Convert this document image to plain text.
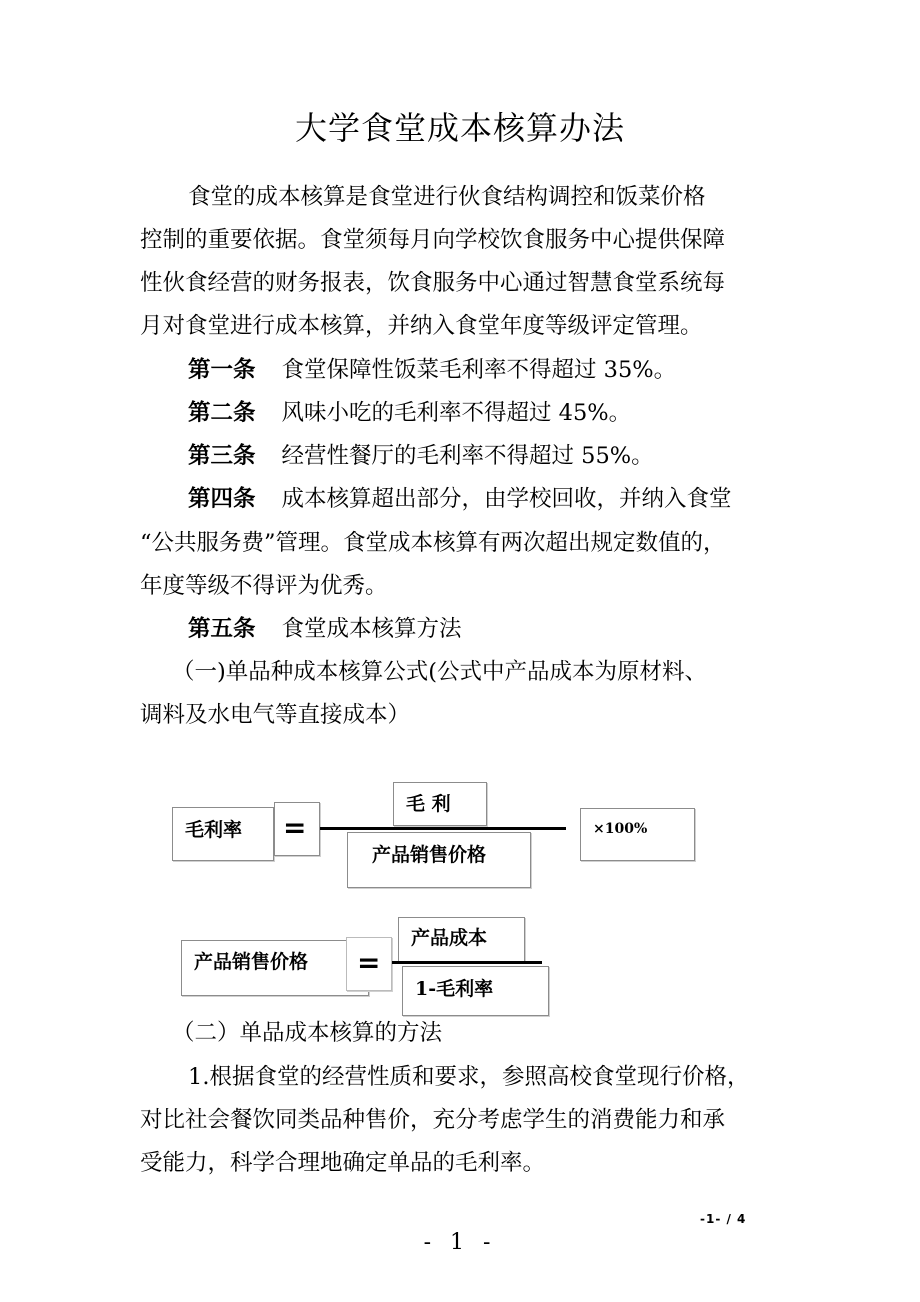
大学食堂成本核算办法
食堂的成本核算是食堂进行伙食结构调控和饭菜价格
控制的重要依据。食堂须每月向学校饮食服务中心提供保障
性伙食经营的财务报表，饮食服务中心通过智慧食堂系统每
月对食堂进行成本核算，并纳入食堂年度等级评定管理。
第一条 食堂保障性饭菜毛利率不得超过 35%。
第二条 风味小吃的毛利率不得超过 45%。
第三条 经营性餐厅的毛利率不得超过 55%。
第四条 成本核算超出部分，由学校回收，并纳入食堂
“公共服务费”管理。食堂成本核算有两次超出规定数值的，
年度等级不得评为优秀。
第五条 食堂成本核算方法
（一)单品种成本核算公式(公式中产品成本为原材料、
调料及水电气等直接成本）
毛利率 =
毛 利
产品销售价格
×100%
产品销售价格 =
产品成本
1-毛利率
（二）单品成本核算的方法
1.根据食堂的经营性质和要求，参照高校食堂现行价格，
对比社会餐饮同类品种售价，充分考虑学生的消费能力和承
受能力，科学合理地确定单品的毛利率。
-1- / 4
- 1 -
